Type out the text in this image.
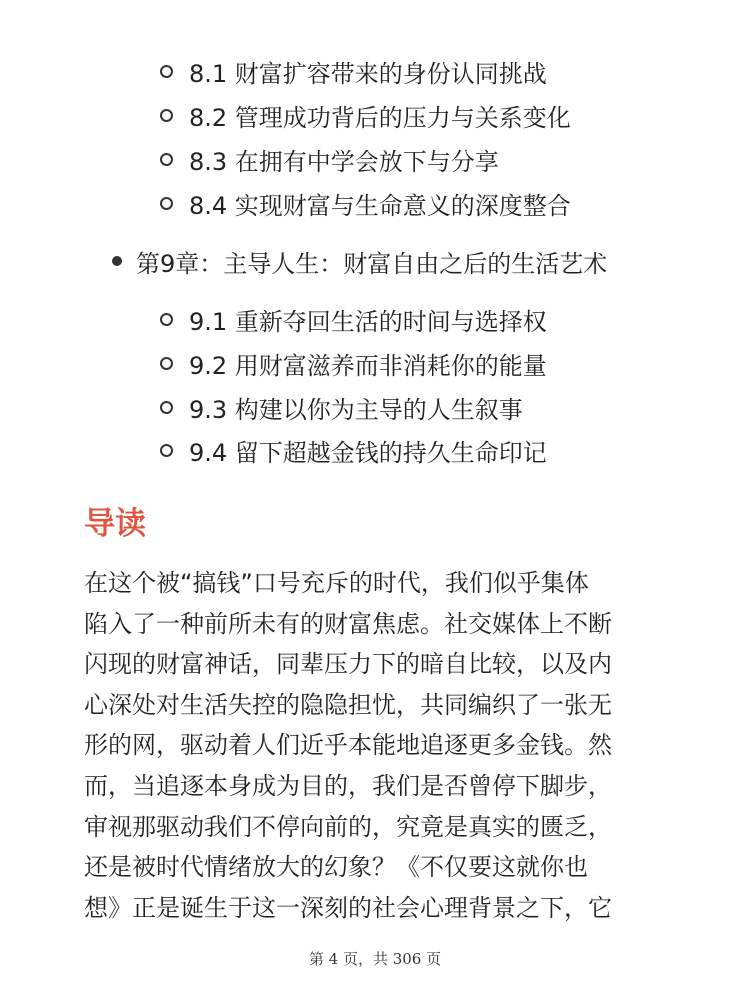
8.1 财富扩容带来的身份认同挑战
8.2 管理成功背后的压力与关系变化
8.3 在拥有中学会放下与分享
8.4 实现财富与生命意义的深度整合
第9章：主导人生：财富自由之后的生活艺术
9.1 重新夺回生活的时间与选择权
9.2 用财富滋养而非消耗你的能量
9.3 构建以你为主导的人生叙事
9.4 留下超越金钱的持久生命印记
导读

在这个被“搞钱”口号充斥的时代，我们似乎集体
陷入了一种前所未有的财富焦虑。社交媒体上不断
闪现的财富神话，同辈压力下的暗自比较，以及内
心深处对生活失控的隐隐担忧，共同编织了一张无
形的网，驱动着人们近乎本能地追逐更多金钱。然
而，当追逐本身成为目的，我们是否曾停下脚步，
审视那驱动我们不停向前的，究竟是真实的匮乏，
还是被时代情绪放大的幻象？《不仅要这就你也
想》正是诞生于这一深刻的社会心理背景之下，它

第 4 页，共 306 页
